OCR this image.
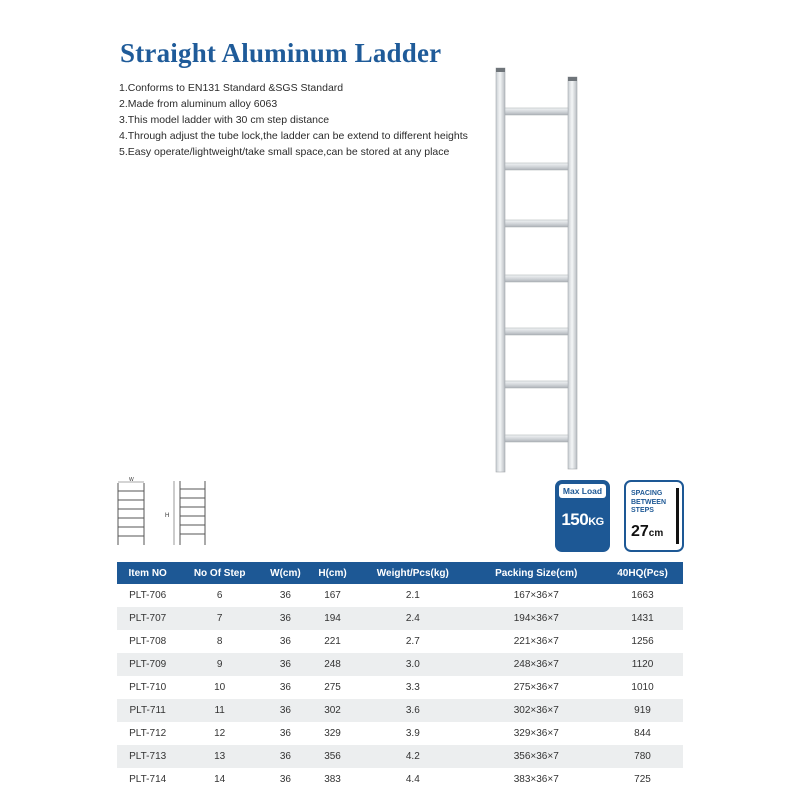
Straight Aluminum Ladder
1.Conforms to EN131 Standard &SGS Standard
2.Made from aluminum alloy 6063
3.This model ladder with 30 cm step distance
4.Through adjust the tube lock,the ladder can be extend to different heights
5.Easy operate/lightweight/take small space,can be stored at any place
W
H
Max Load
150KG
SPACING
BETWEEN
STEPS
27cm
Item NO	No Of Step	W(cm)	H(cm)	Weight/Pcs(kg)	Packing Size(cm)	40HQ(Pcs)
PLT-706	6	36	167	2.1	167×36×7	1663
PLT-707	7	36	194	2.4	194×36×7	1431
PLT-708	8	36	221	2.7	221×36×7	1256
PLT-709	9	36	248	3.0	248×36×7	1120
PLT-710	10	36	275	3.3	275×36×7	1010
PLT-711	11	36	302	3.6	302×36×7	919
PLT-712	12	36	329	3.9	329×36×7	844
PLT-713	13	36	356	4.2	356×36×7	780
PLT-714	14	36	383	4.4	383×36×7	725
